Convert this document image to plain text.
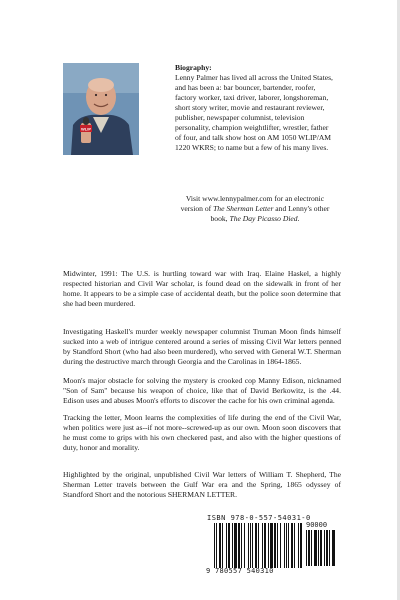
WLIP
Biography:
Lenny Palmer has lived all across the United States, and has been a: bar bouncer, bartender, roofer, factory worker, taxi driver, laborer, longshoreman, short story writer, movie and restaurant reviewer, publisher, newspaper columnist, television personality, champion weightlifter, wrestler, father of four, and talk show host on AM 1050 WLIP/AM 1220 WKRS; to name but a few of his many lives.
Visit www.lennypalmer.com for an electronic version of The Sherman Letter and Lenny's other book, The Day Picasso Died.
Midwinter, 1991: The U.S. is hurtling toward war with Iraq. Elaine Haskel, a highly respected historian and Civil War scholar, is found dead on the sidewalk in front of her home. It appears to be a simple case of accidental death, but the police soon determine that she had been murdered.
Investigating Haskell's murder weekly newspaper columnist Truman Moon finds himself sucked into a web of intrigue centered around a series of missing Civil War letters penned by Standford Short (who had also been murdered), who served with General W.T. Sherman during the destructive march through Georgia and the Carolinas in 1864-1865.
Moon's major obstacle for solving the mystery is crooked cop Manny Edison, nicknamed "Son of Sam" because his weapon of choice, like that of David Berkowitz, is the .44. Edison uses and abuses Moon's efforts to discover the cache for his own criminal agenda.
Tracking the letter, Moon learns the complexities of life during the end of the Civil War, when politics were just as--if not more--screwed-up as our own. Moon soon discovers that he must come to grips with his own checkered past, and also with the higher questions of duty, honor and morality.
Highlighted by the original, unpublished Civil War letters of William T. Shepherd, The Sherman Letter travels between the Gulf War era and the Spring, 1865 odyssey of Standford Short and the notorious SHERMAN LETTER.
ISBN 978-0-557-54031-0
90000
9 780557 540310
